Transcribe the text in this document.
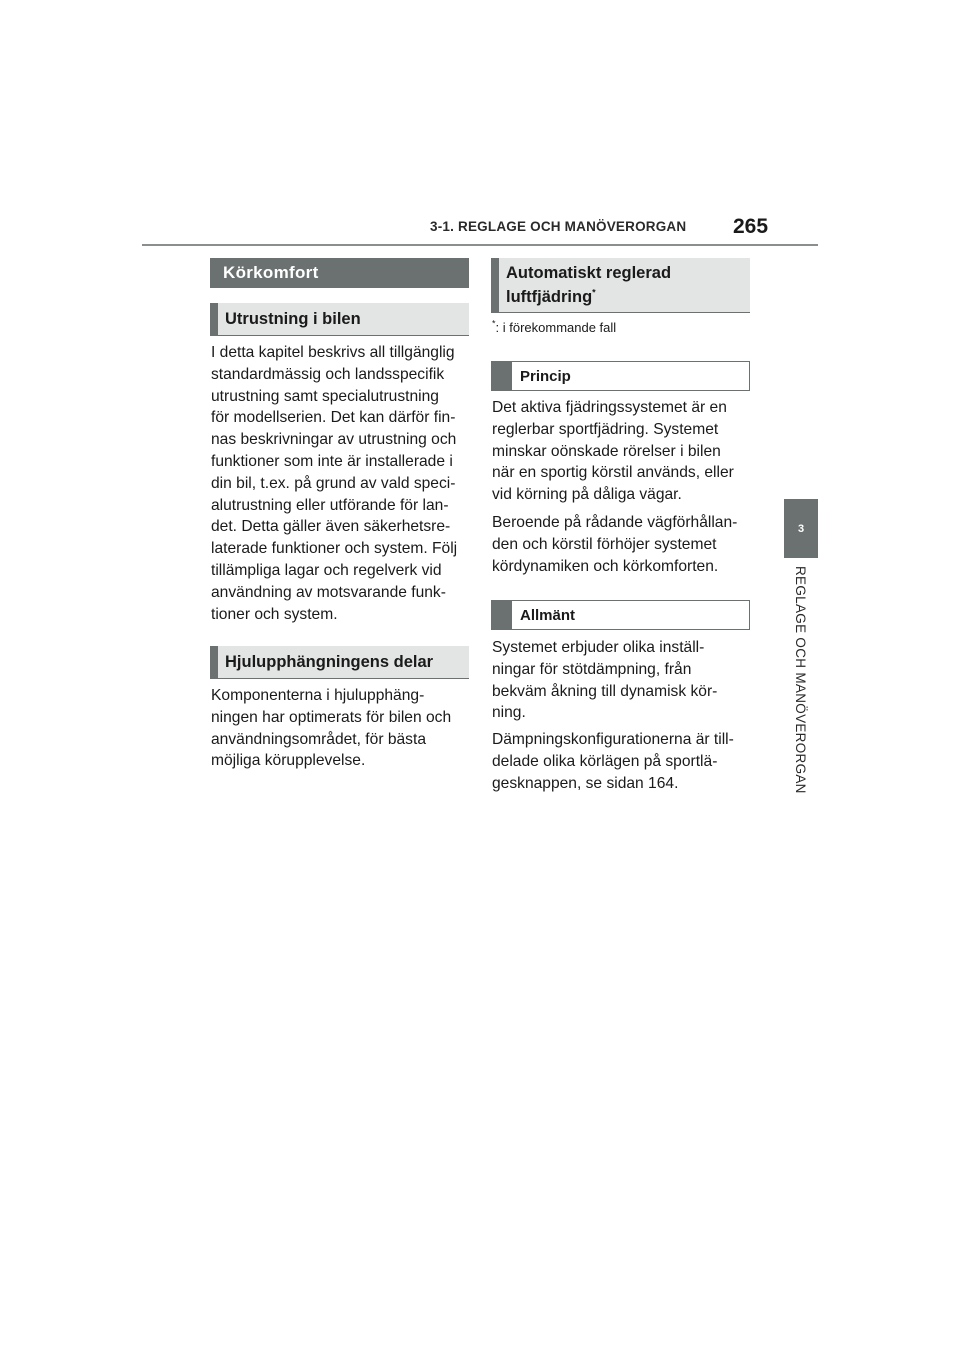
3-1. REGLAGE OCH MANÖVERORGAN 265
3
REGLAGE OCH MANÖVERORGAN
Körkomfort
Utrustning i bilen
I detta kapitel beskrivs all tillgänglig
standardmässig och landsspecifik
utrustning samt specialutrustning
för modellserien. Det kan därför fin-
nas beskrivningar av utrustning och
funktioner som inte är installerade i
din bil, t.ex. på grund av vald speci-
alutrustning eller utförande för lan-
det. Detta gäller även säkerhetsre-
laterade funktioner och system. Följ
tillämpliga lagar och regelverk vid
användning av motsvarande funk-
tioner och system.
Hjulupphängningens delar
Komponenterna i hjulupphäng-
ningen har optimerats för bilen och
användningsområdet, för bästa
möjliga körupplevelse.
Automatiskt reglerad
luftfjädring*
*: i förekommande fall
Princip
Det aktiva fjädringssystemet är en
reglerbar sportfjädring. Systemet
minskar oönskade rörelser i bilen
när en sportig körstil används, eller
vid körning på dåliga vägar.
Beroende på rådande vägförhållan-
den och körstil förhöjer systemet
kördynamiken och körkomforten.
Allmänt
Systemet erbjuder olika inställ-
ningar för stötdämpning, från
bekväm åkning till dynamisk kör-
ning.
Dämpningskonfigurationerna är till-
delade olika körlägen på sportlä-
gesknappen, se sidan 164.
